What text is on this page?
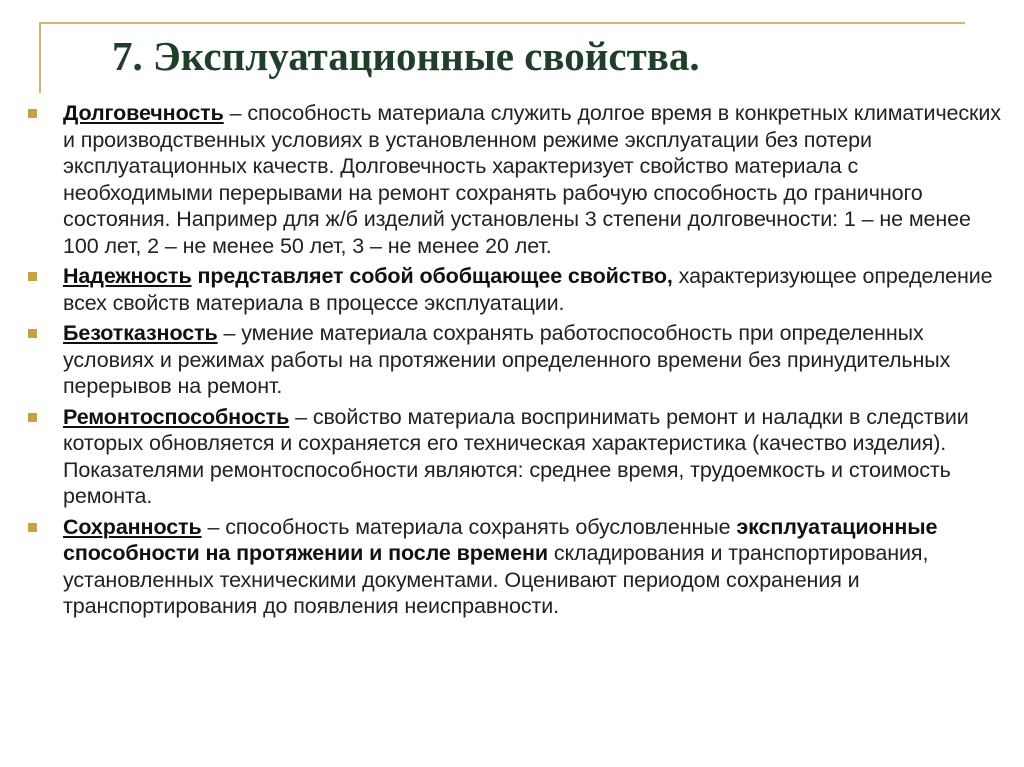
7. Эксплуатационные свойства.
Долговечность – способность материала служить долгое время в конкретных климатических и производственных условиях в установленном режиме эксплуатации без потери эксплуатационных качеств. Долговечность характеризует свойство материала с необходимыми перерывами на ремонт сохранять рабочую способность до граничного состояния. Например для ж/б изделий установлены 3 степени долговечности: 1 – не менее 100 лет, 2 – не менее 50 лет, 3 – не менее 20 лет.
Надежность представляет собой обобщающее свойство, характеризующее определение всех свойств материала в процессе эксплуатации.
Безотказность – умение материала сохранять работоспособность при определенных условиях и режимах работы на протяжении определенного времени без принудительных перерывов на ремонт.
Ремонтоспособность – свойство материала воспринимать ремонт и наладки в следствии которых обновляется и сохраняется его техническая характеристика (качество изделия). Показателями ремонтоспособности являются: среднее время, трудоемкость и стоимость ремонта.
Сохранность – способность материала сохранять обусловленные эксплуатационные способности на протяжении и после времени складирования и транспортирования, установленных техническими документами. Оценивают периодом сохранения и транспортирования до появления неисправности.
